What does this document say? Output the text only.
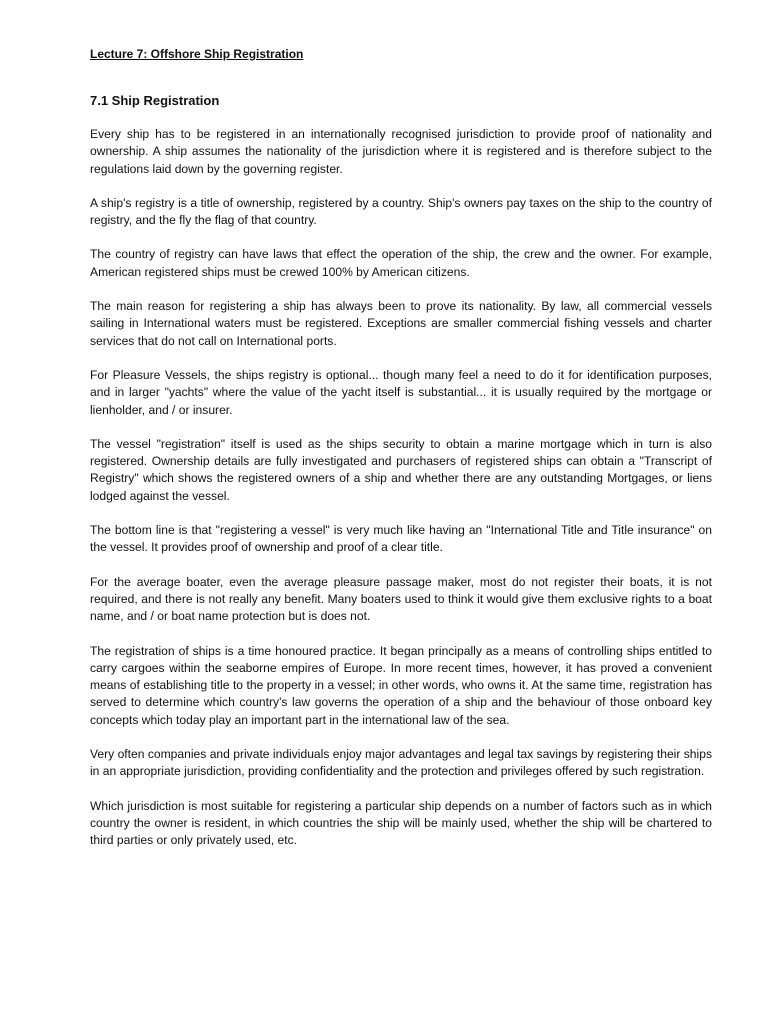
Lecture 7: Offshore Ship Registration
7.1 Ship Registration

Every ship has to be registered in an internationally recognised jurisdiction to provide proof of nationality and ownership. A ship assumes the nationality of the jurisdiction where it is registered and is therefore subject to the regulations laid down by the governing register.

A ship's registry is a title of ownership, registered by a country. Ship's owners pay taxes on the ship to the country of registry, and the fly the flag of that country.

The country of registry can have laws that effect the operation of the ship, the crew and the owner. For example, American registered ships must be crewed 100% by American citizens.

The main reason for registering a ship has always been to prove its nationality. By law, all commercial vessels sailing in International waters must be registered. Exceptions are smaller commercial fishing vessels and charter services that do not call on International ports.

For Pleasure Vessels, the ships registry is optional... though many feel a need to do it for identification purposes, and in larger "yachts" where the value of the yacht itself is substantial... it is usually required by the mortgage or lienholder, and / or insurer.

The vessel "registration" itself is used as the ships security to obtain a marine mortgage which in turn is also registered. Ownership details are fully investigated and purchasers of registered ships can obtain a "Transcript of Registry" which shows the registered owners of a ship and whether there are any outstanding Mortgages, or liens lodged against the vessel.

The bottom line is that "registering a vessel" is very much like having an "International Title and Title insurance" on the vessel. It provides proof of ownership and proof of a clear title.

For the average boater, even the average pleasure passage maker, most do not register their boats, it is not required, and there is not really any benefit. Many boaters used to think it would give them exclusive rights to a boat name, and / or boat name protection but is does not.

The registration of ships is a time honoured practice. It began principally as a means of controlling ships entitled to carry cargoes within the seaborne empires of Europe. In more recent times, however, it has proved a convenient means of establishing title to the property in a vessel; in other words, who owns it. At the same time, registration has served to determine which country's law governs the operation of a ship and the behaviour of those onboard key concepts which today play an important part in the international law of the sea.

Very often companies and private individuals enjoy major advantages and legal tax savings by registering their ships in an appropriate jurisdiction, providing confidentiality and the protection and privileges offered by such registration.

Which jurisdiction is most suitable for registering a particular ship depends on a number of factors such as in which country the owner is resident, in which countries the ship will be mainly used, whether the ship will be chartered to third parties or only privately used, etc.
